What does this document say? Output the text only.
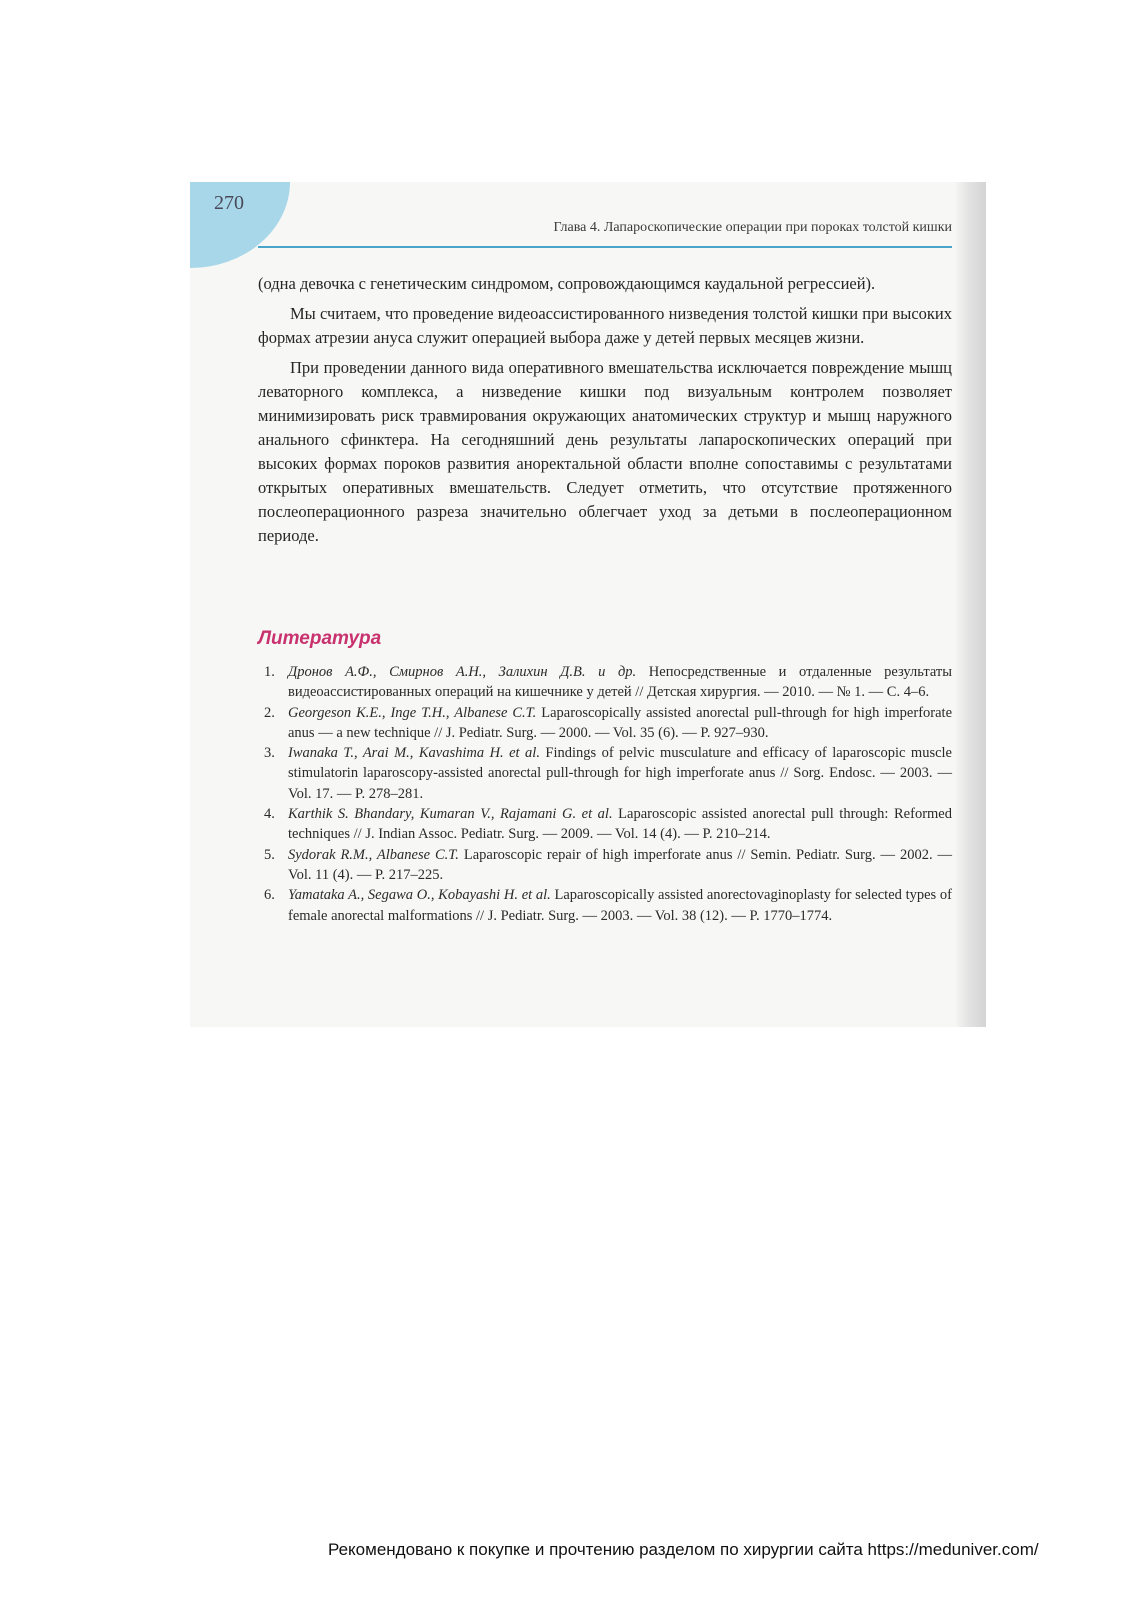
270
Глава 4. Лапароскопические операции при пороках толстой кишки

(одна девочка с генетическим синдромом, сопровождающимся каудальной регрессией).

Мы считаем, что проведение видеоассистированного низведения толстой кишки при высоких формах атрезии ануса служит операцией выбора даже у детей первых месяцев жизни.

При проведении данного вида оперативного вмешательства исключается повреждение мышц леваторного комплекса, а низведение кишки под визуальным контролем позволяет минимизировать риск травмирования окружающих анатомических структур и мышц наружного анального сфинктера. На сегодняшний день результаты лапароскопических операций при высоких формах пороков развития аноректальной области вполне сопоставимы с результатами открытых оперативных вмешательств. Следует отметить, что отсутствие протяженного послеоперационного разреза значительно облегчает уход за детьми в послеоперационном периоде.

Литература
1. Дронов А.Ф., Смирнов А.Н., Залихин Д.В. и др. Непосредственные и отдаленные результаты видеоассистированных операций на кишечнике у детей // Детская хирургия. — 2010. — № 1. — С. 4–6.
2. Georgeson K.E., Inge T.H., Albanese C.T. Laparoscopically assisted anorectal pull-through for high imperforate anus — a new technique // J. Pediatr. Surg. — 2000. — Vol. 35 (6). — P. 927–930.
3. Iwanaka T., Arai M., Kavashima H. et al. Findings of pelvic musculature and efficacy of laparoscopic muscle stimulatorin laparoscopy-assisted anorectal pull-through for high imperforate anus // Sorg. Endosc. — 2003. — Vol. 17. — P. 278–281.
4. Karthik S. Bhandary, Kumaran V., Rajamani G. et al. Laparoscopic assisted anorectal pull through: Reformed techniques // J. Indian Assoc. Pediatr. Surg. — 2009. — Vol. 14 (4). — P. 210–214.
5. Sydorak R.M., Albanese C.T. Laparoscopic repair of high imperforate anus // Semin. Pediatr. Surg. — 2002. — Vol. 11 (4). — P. 217–225.
6. Yamataka A., Segawa O., Kobayashi H. et al. Laparoscopically assisted anorectovaginoplasty for selected types of female anorectal malformations // J. Pediatr. Surg. — 2003. — Vol. 38 (12). — P. 1770–1774.
Рекомендовано к покупке и прочтению разделом по хирургии сайта https://meduniver.com/
